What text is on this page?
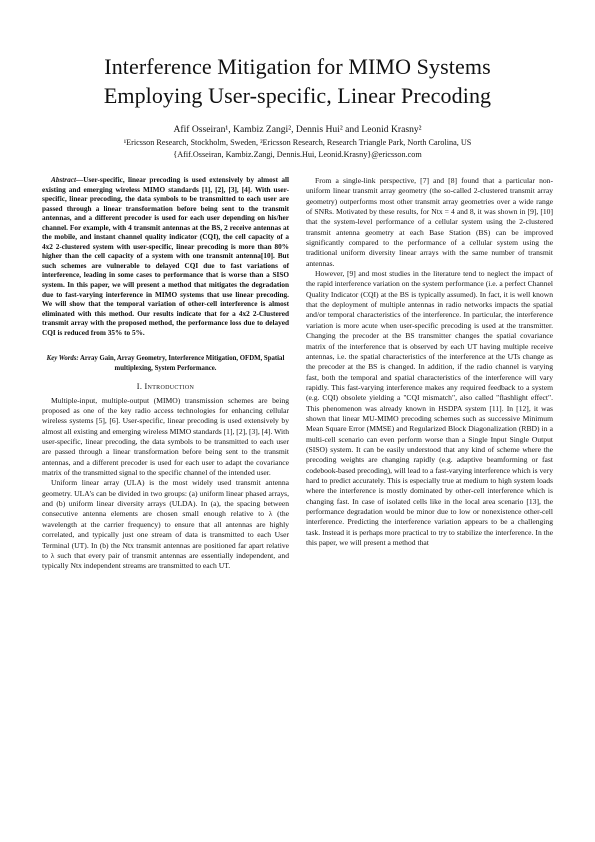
Interference Mitigation for MIMO Systems
Employing User-specific, Linear Precoding
Afif Osseiran¹, Kambiz Zangi², Dennis Hui² and Leonid Krasny²
¹Ericsson Research, Stockholm, Sweden, ²Ericsson Research, Research Triangle Park, North Carolina, US
{Afif.Osseiran, Kambiz.Zangi, Dennis.Hui, Leonid.Krasny}@ericsson.com

Abstract—User-specific, linear precoding is used extensively by almost all existing and emerging wireless MIMO standards [1], [2], [3], [4]. With user-specific, linear precoding, the data symbols to be transmitted to each user are passed through a linear transformation before being sent to the transmit antennas, and a different precoder is used for each user depending on his/her channel. For example, with 4 transmit antennas at the BS, 2 receive antennas at the mobile, and instant channel quality indicator (CQI), the cell capacity of a 4x2 2-clustered system with user-specific, linear precoding is more than 80% higher than the cell capacity of a system with one transmit antenna[10]. But such schemes are vulnerable to delayed CQI due to fast variations of interference, leading in some cases to performance that is worse than a SISO system. In this paper, we will present a method that mitigates the degradation due to fast-varying interference in MIMO systems that use linear precoding. We will show that the temporal variation of other-cell interference is almost eliminated with this method. Our results indicate that for a 4x2 2-Clustered transmit array with the proposed method, the performance loss due to delayed CQI is reduced from 35% to 5%.

Key Words: Array Gain, Array Geometry, Interference Mitigation, OFDM, Spatial multiplexing, System Performance.

I. Introduction

Multiple-input, multiple-output (MIMO) transmission schemes are being proposed as one of the key radio access technologies for enhancing cellular wireless systems [5], [6]. User-specific, linear precoding is used extensively by almost all existing and emerging wireless MIMO standards [1], [2], [3], [4]. With user-specific, linear precoding, the data symbols to be transmitted to each user are passed through a linear transformation before being sent to the transmit antennas, and a different precoder is used for each user to adapt the covariance matrix of the transmitted signal to the specific channel of the intended user.

Uniform linear array (ULA) is the most widely used transmit antenna geometry. ULA's can be divided in two groups: (a) uniform linear phased arrays, and (b) uniform linear diversity arrays (ULDA). In (a), the spacing between consecutive antenna elements are chosen small enough relative to λ (the wavelength at the carrier frequency) to ensure that all antennas are highly correlated, and typically just one stream of data is transmitted to each User Terminal (UT). In (b) the Ntx transmit antennas are positioned far apart relative to λ such that every pair of transmit antennas are essentially independent, and typically Ntx independent streams are transmitted to each UT.

From a single-link perspective, [7] and [8] found that a particular non-uniform linear transmit array geometry (the so-called 2-clustered transmit array geometry) outperforms most other transmit array geometries over a wide range of SNRs. Motivated by these results, for Ntx = 4 and 8, it was shown in [9], [10] that the system-level performance of a cellular system using the 2-clustered transmit antenna geometry at each Base Station (BS) can be improved significantly compared to the performance of a cellular system using the traditional uniform diversity linear arrays with the same number of transmit antennas.

However, [9] and most studies in the literature tend to neglect the impact of the rapid interference variation on the system performance (i.e. a perfect Channel Quality Indicator (CQI) at the BS is typically assumed). In fact, it is well known that the deployment of multiple antennas in radio networks impacts the spatial and/or temporal characteristics of the interference. In particular, the interference variation is more acute when user-specific precoding is used at the transmitter. Changing the precoder at the BS transmitter changes the spatial covariance matrix of the interference that is observed by each UT having multiple receive antennas, i.e. the spatial characteristics of the interference at the UTs change as the precoder at the BS is changed. In addition, if the radio channel is varying fast, both the temporal and spatial characteristics of the interference will vary rapidly. This fast-varying interference makes any required feedback to a system (e.g. CQI) obsolete yielding a "CQI mismatch", also called "flashlight effect". This phenomenon was already known in HSDPA system [11]. In [12], it was shown that linear MU-MIMO precoding schemes such as successive Minimum Mean Square Error (MMSE) and Regularized Block Diagonalization (RBD) in a multi-cell scenario can even perform worse than a Single Input Single Output (SISO) system. It can be easily understood that any kind of scheme where the precoding weights are changing rapidly (e.g. adaptive beamforming or fast codebook-based precoding), will lead to a fast-varying interference which is very hard to predict accurately. This is especially true at medium to high system loads where the interference is mostly dominated by other-cell interference which is changing fast. In case of isolated cells like in the local area scenario [13], the performance degradation would be minor due to low or nonexistence other-cell interference. Predicting the interference variation appears to be a challenging task. Instead it is perhaps more practical to try to stabilize the interference. In the this paper, we will present a method that
